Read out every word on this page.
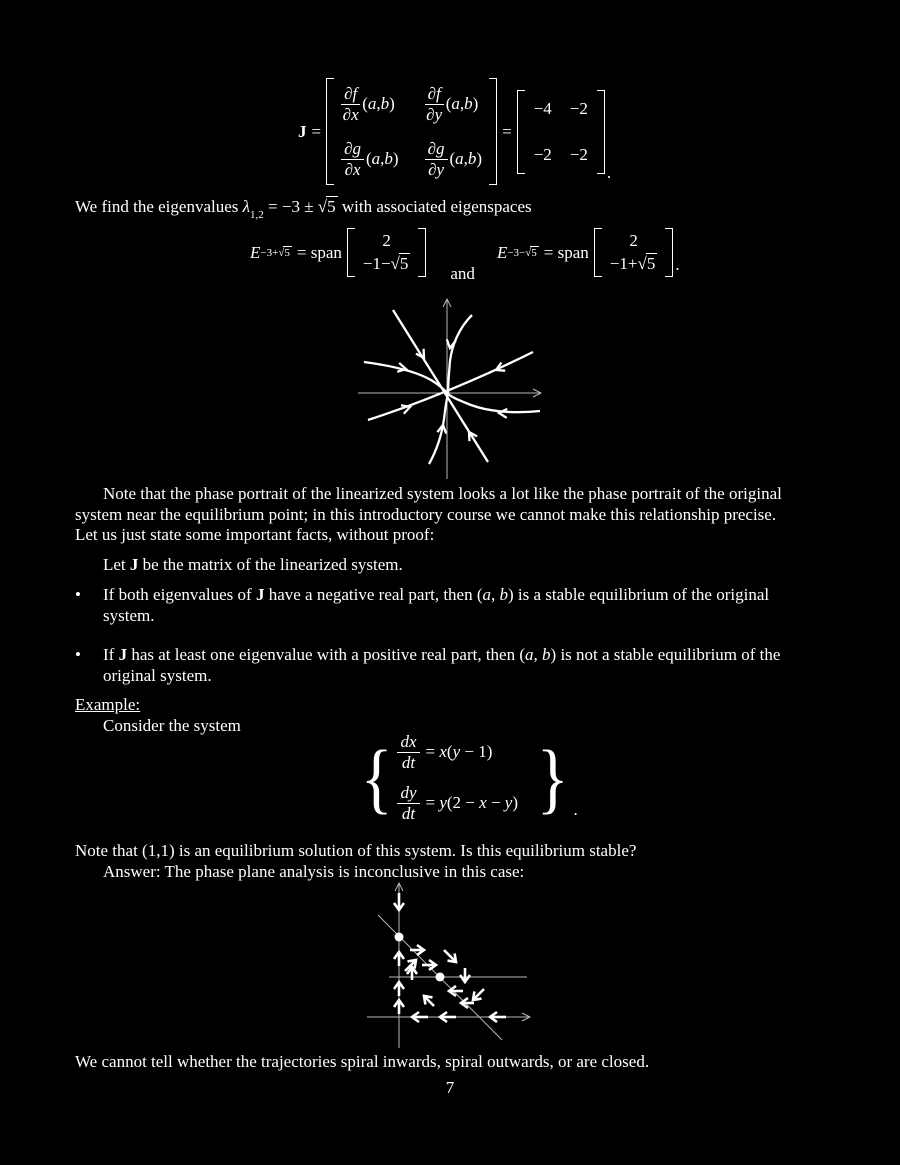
J =
$\frac{\partial f}{\partial x} (a,b) \frac{\partial f}{\partial y} (a,b)$
$\frac{\partial g}{\partial x} (a,b) \frac{\partial g}{\partial y} (a,b)$
=
−4 −2
−2 −2
.
We find the eigenvalues $\lambda_{1,2} = -3 \pm √5$ with associated eigenspaces
E −3+√5 = span
2
−1−√5
and
E −3−√5 = span
2
−1+√5 .
Note that the phase portrait of the linearized system looks a lot like the phase portrait of the original
system near the equilibrium point; in this introductory course we cannot make this relationship precise.
Let us just state some important facts, without proof:
Let J be the matrix of the linearized system.
•	If both eigenvalues of J have a negative real part, then (a, b) is a stable equilibrium of the original
system.
•	If J has at least one eigenvalue with a positive real part, then (a, b) is not a stable equilibrium of the
original system.
Example:
Consider the system
{ $\frac{dx}{dt} = x(y - 1)$
$\frac{dy}{dt} = y(2 - x - y)$ } .
Note that (1,1) is an equilibrium solution of this system. Is this equilibrium stable?
Answer: The phase plane analysis is inconclusive in this case:
We cannot tell whether the trajectories spiral inwards, spiral outwards, or are closed.
7
